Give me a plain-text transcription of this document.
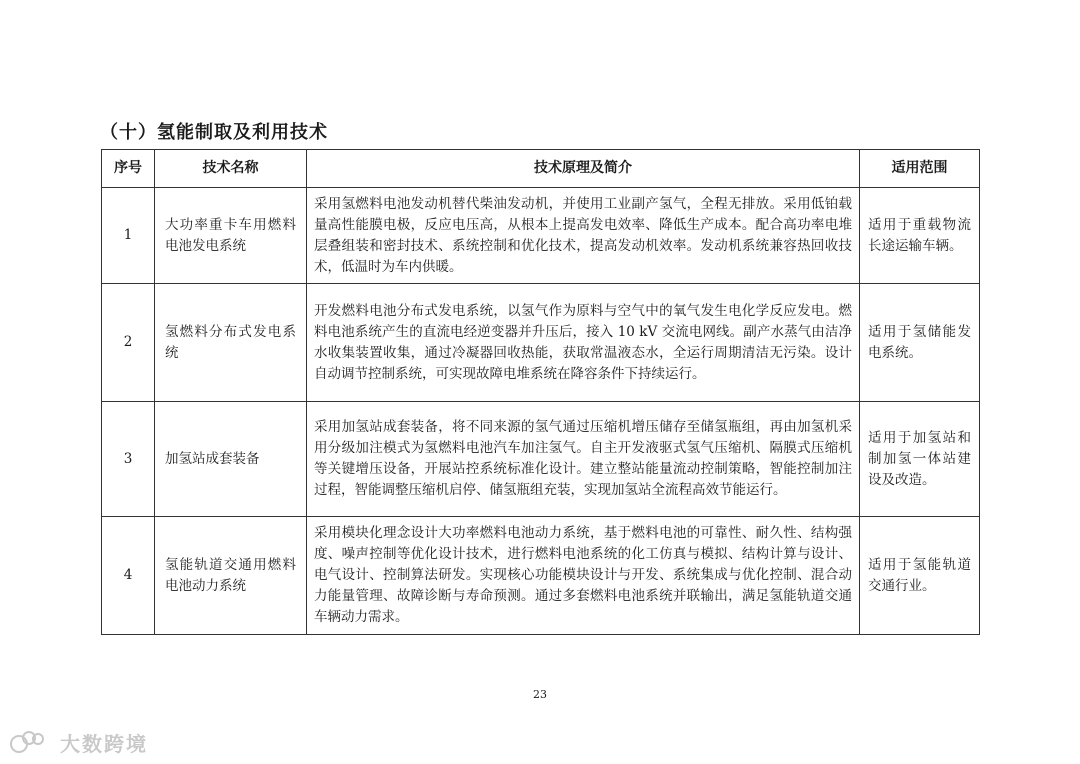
（十）氢能制取及利用技术
序号	技术名称	技术原理及简介	适用范围
1	大功率重卡车用燃料电池发电系统	采用氢燃料电池发动机替代柴油发动机，并使用工业副产氢气，全程无排放。采用低铂载量高性能膜电极，反应电压高，从根本上提高发电效率、降低生产成本。配合高功率电堆层叠组装和密封技术、系统控制和优化技术，提高发动机效率。发动机系统兼容热回收技术，低温时为车内供暖。	适用于重载物流长途运输车辆。
2	氢燃料分布式发电系统	开发燃料电池分布式发电系统，以氢气作为原料与空气中的氧气发生电化学反应发电。燃料电池系统产生的直流电经逆变器并升压后，接入 10 kV 交流电网线。副产水蒸气由洁净水收集装置收集，通过冷凝器回收热能，获取常温液态水，全运行周期清洁无污染。设计自动调节控制系统，可实现故障电堆系统在降容条件下持续运行。	适用于氢储能发电系统。
3	加氢站成套装备	采用加氢站成套装备，将不同来源的氢气通过压缩机增压储存至储氢瓶组，再由加氢机采用分级加注模式为氢燃料电池汽车加注氢气。自主开发液驱式氢气压缩机、隔膜式压缩机等关键增压设备，开展站控系统标准化设计。建立整站能量流动控制策略，智能控制加注过程，智能调整压缩机启停、储氢瓶组充装，实现加氢站全流程高效节能运行。	适用于加氢站和制加氢一体站建设及改造。
4	氢能轨道交通用燃料电池动力系统	采用模块化理念设计大功率燃料电池动力系统，基于燃料电池的可靠性、耐久性、结构强度、噪声控制等优化设计技术，进行燃料电池系统的化工仿真与模拟、结构计算与设计、电气设计、控制算法研发。实现核心功能模块设计与开发、系统集成与优化控制、混合动力能量管理、故障诊断与寿命预测。通过多套燃料电池系统并联输出，满足氢能轨道交通车辆动力需求。	适用于氢能轨道交通行业。
23
大数跨境
